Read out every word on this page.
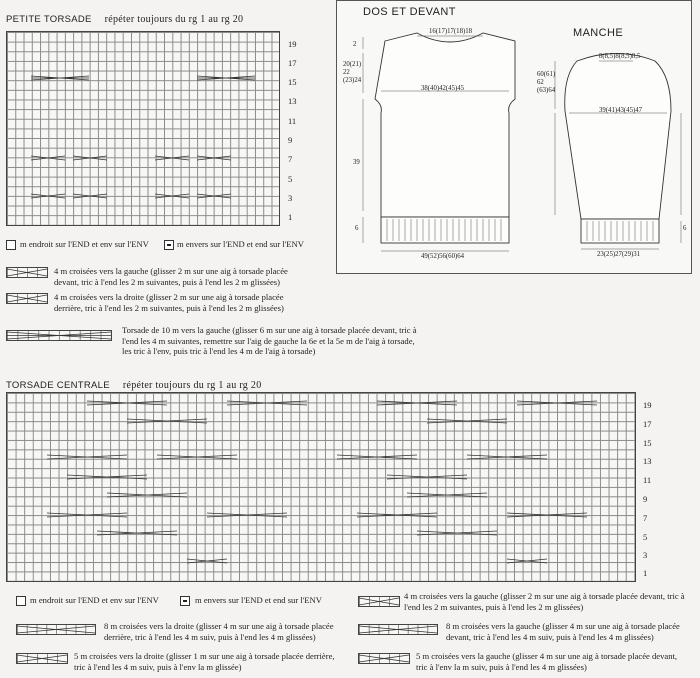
PETITE TORSADE répéter toujours du rg 1 au rg 20
19
17
15
13
11
9
7
5
3
1
m endroit sur l'END et env sur l'ENV	m envers sur l'END et end sur l'ENV
4 m croisées vers la gauche (glisser 2 m sur une aig à torsade placée devant, tric à l'end les 2 m suivantes, puis à l'end les 2 m glissées)
4 m croisées vers la droite (glisser 2 m sur une aig à torsade placée derrière, tric à l'end les 2 m suivantes, puis à l'end les 2 m glissées)
Torsade de 10 m vers la gauche (glisser 6 m sur une aig à torsade placée devant, tric à l'end les 4 m suivantes, remettre sur l'aig de gauche la 6e et la 5e m de l'aig à torsade, les tric à l'env, puis tric à l'end les 4 m de l'aig à torsade)
TORSADE CENTRALE répéter toujours du rg 1 au rg 20
19
17
15
13
11
9
7
5
3
1
m endroit sur l'END et env sur l'ENV	m envers sur l'END et end sur l'ENV
8 m croisées vers la droite (glisser 4 m sur une aig à torsade placée derrière, tric à l'end les 4 m suiv, puis à l'end les 4 m glissées)
4 m croisées vers la gauche (glisser 2 m sur une aig à torsade placée devant, tric à l'end les 2 m suivantes, puis à l'end les 2 m glissées)
8 m croisées vers la gauche (glisser 4 m sur une aig à torsade placée devant, tric à l'end les 4 m suiv, puis à l'end les 4 m glissées)
5 m croisées vers la droite (glisser 1 m sur une aig à torsade placée derrière, tric à l'end les 4 m suiv, puis à l'env la m glissée)
5 m croisées vers la gauche (glisser 4 m sur une aig à torsade placée devant, tric à l'env la m suiv, puis à l'end les 4 m glissées)
DOS ET DEVANT
MANCHE
16(17)17(18)18
2
20(21)
22
(23)24
38(40)42(45)45
39
6
49(52)56(60)64
8(8,5)8(8,5)8,5
60(61)
62
(63)64
39(41)43(45)47
6
23(25)27(29)31
